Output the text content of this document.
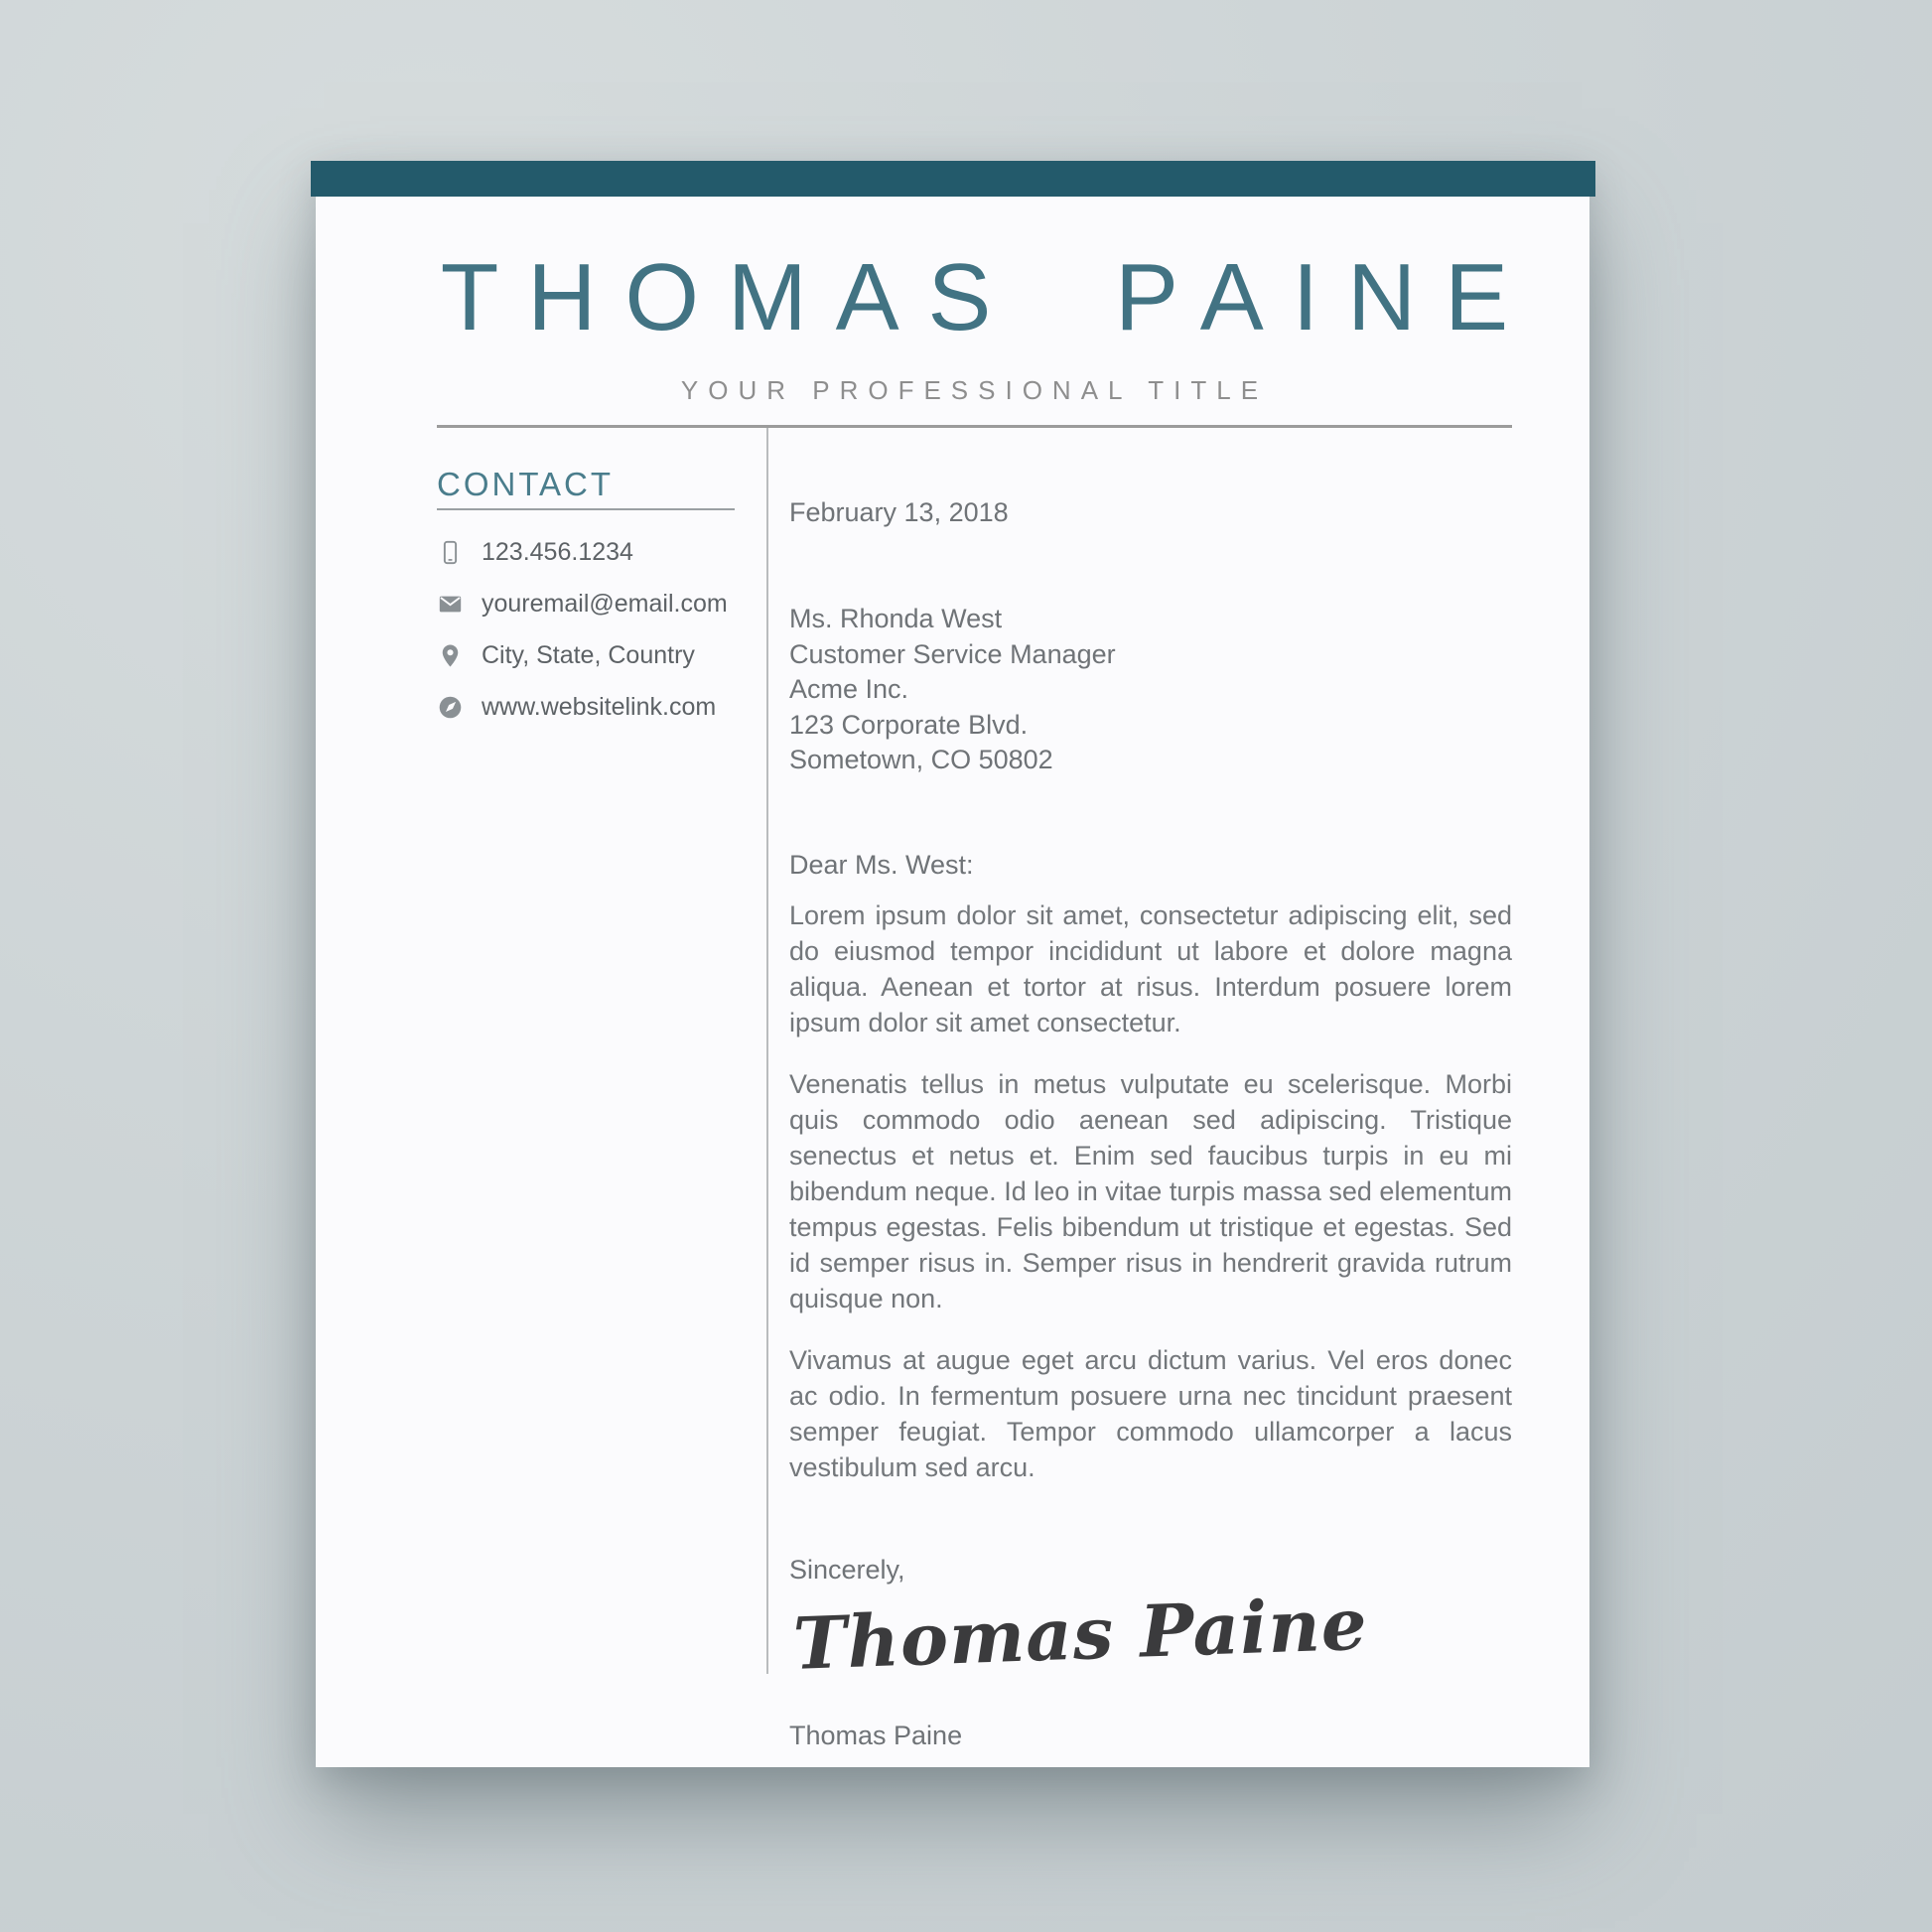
THOMAS PAINE
YOUR PROFESSIONAL TITLE
CONTACT
123.456.1234
youremail@email.com
City, State, Country
www.websitelink.com

February 13, 2018

Ms. Rhonda West

Customer Service Manager

Acme Inc.

123 Corporate Blvd.

Sometown, CO 50802

Dear Ms. West:

Lorem ipsum dolor sit amet, consectetur adipiscing elit, sed do eiusmod tempor incididunt ut labore et dolore magna aliqua. Aenean et tortor at risus. Interdum posuere lorem ipsum dolor sit amet consectetur.

Venenatis tellus in metus vulputate eu scelerisque. Morbi quis commodo odio aenean sed adipiscing. Tristique senectus et netus et. Enim sed faucibus turpis in eu mi bibendum neque. Id leo in vitae turpis massa sed elementum tempus egestas. Felis bibendum ut tristique et egestas. Sed id semper risus in. Semper risus in hendrerit gravida rutrum quisque non.

Vivamus at augue eget arcu dictum varius. Vel eros donec ac odio. In fermentum posuere urna nec tincidunt praesent semper feugiat. Tempor commodo ullamcorper a lacus vestibulum sed arcu.

Sincerely,

Thomas Paine

Thomas Paine
